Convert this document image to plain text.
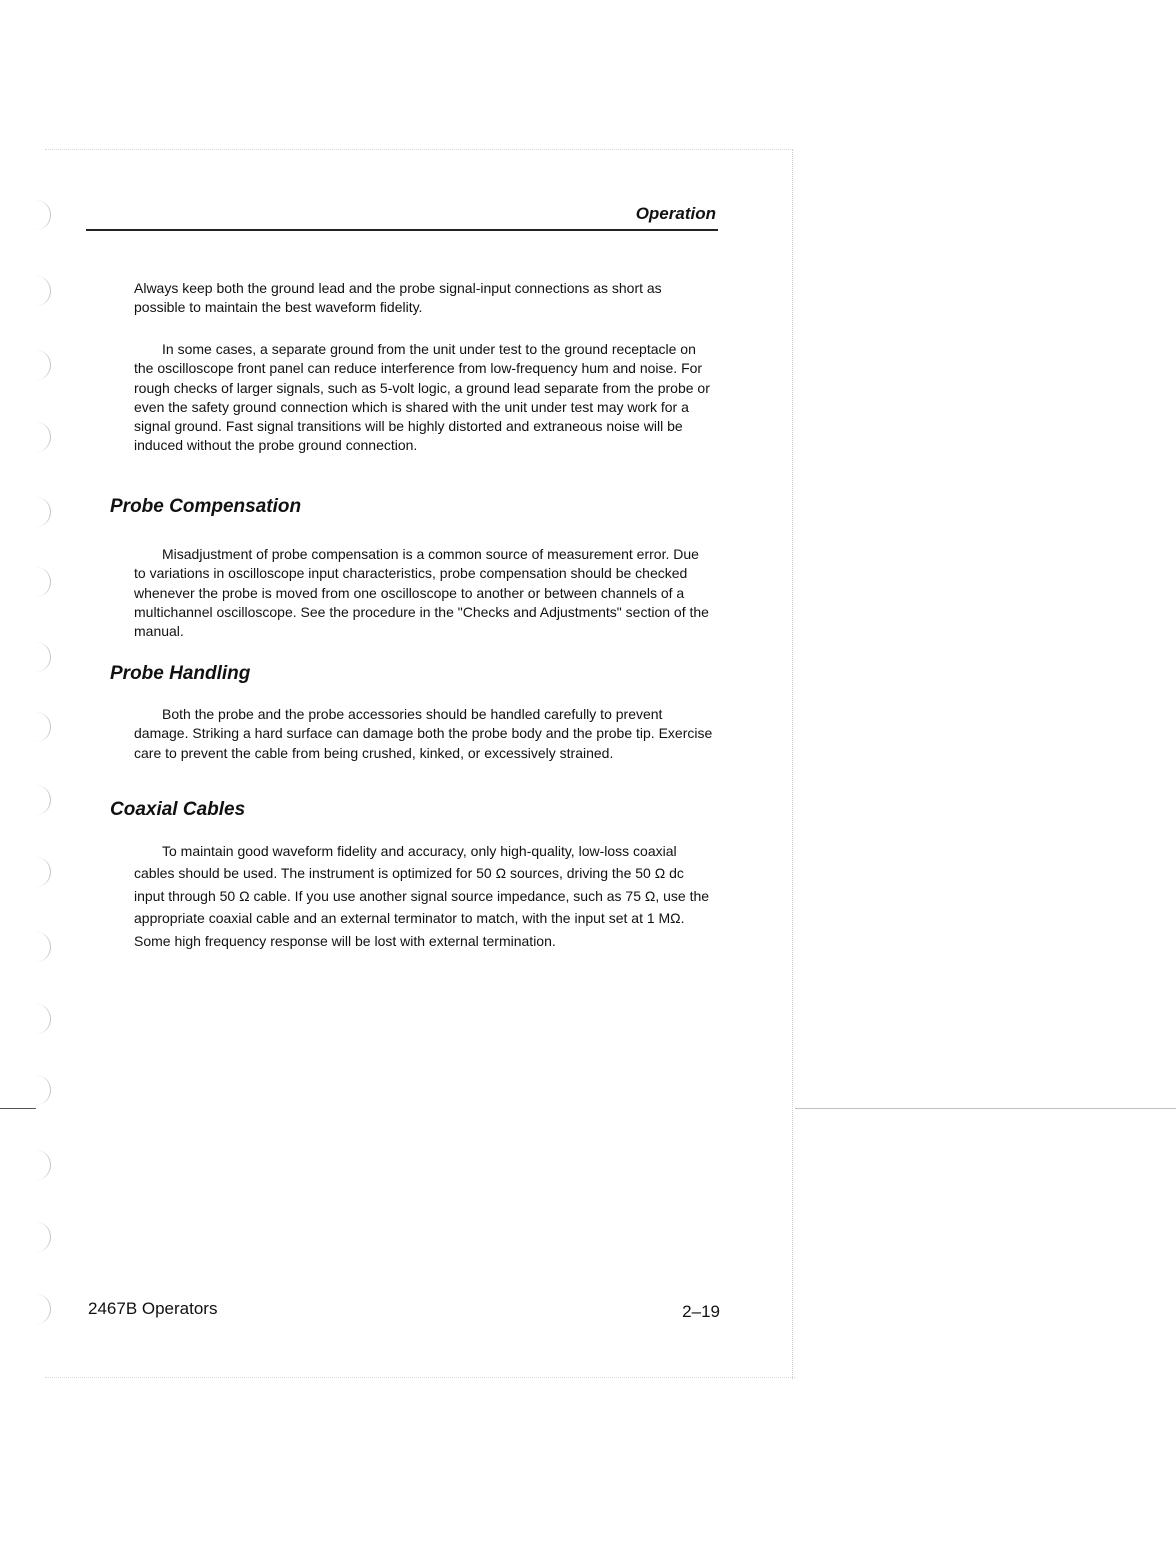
Operation

Always keep both the ground lead and the probe signal-input connections as short as possible to maintain the best waveform fidelity.

In some cases, a separate ground from the unit under test to the ground receptacle on the oscilloscope front panel can reduce interference from low-frequency hum and noise. For rough checks of larger signals, such as 5-volt logic, a ground lead separate from the probe or even the safety ground connection which is shared with the unit under test may work for a signal ground. Fast signal transitions will be highly distorted and extraneous noise will be induced without the probe ground connection.

Probe Compensation

Misadjustment of probe compensation is a common source of measurement error. Due to variations in oscilloscope input characteristics, probe compensation should be checked whenever the probe is moved from one oscilloscope to another or between channels of a multichannel oscilloscope. See the procedure in the "Checks and Adjustments" section of the manual.

Probe Handling

Both the probe and the probe accessories should be handled carefully to prevent damage. Striking a hard surface can damage both the probe body and the probe tip. Exercise care to prevent the cable from being crushed, kinked, or excessively strained.

Coaxial Cables

To maintain good waveform fidelity and accuracy, only high-quality, low-loss coaxial cables should be used. The instrument is optimized for 50 Ω sources, driving the 50 Ω dc input through 50 Ω cable. If you use another signal source impedance, such as 75 Ω, use the appropriate coaxial cable and an external terminator to match, with the input set at 1 MΩ. Some high frequency response will be lost with external termination.

2467B Operators	2–19
